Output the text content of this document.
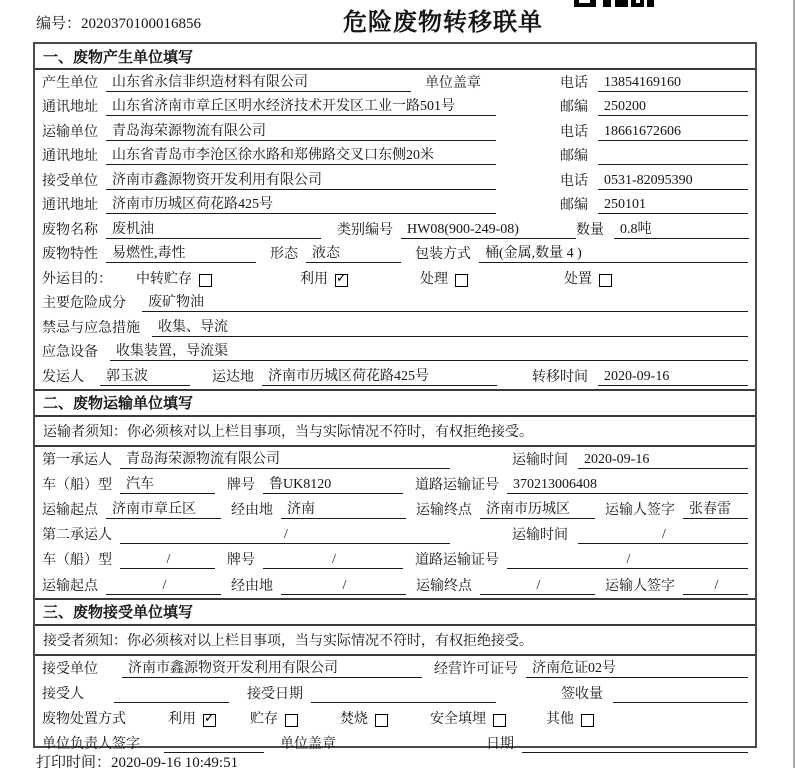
编号：2020370100016856	危险废物转移联单
一、废物产生单位填写
产生单位	山东省永信非织造材料有限公司	单位盖章	电话	13854169160
通讯地址	山东省济南市章丘区明水经济技术开发区工业一路501号	邮编	250200
运输单位	青岛海荣源物流有限公司	电话	18661672606
通讯地址	山东省青岛市李沧区徐水路和郑佛路交叉口东侧20米	邮编
接受单位	济南市鑫源物资开发利用有限公司	电话	0531-82095390
通讯地址	济南市历城区荷花路425号	邮编	250101
废物名称	废机油	类别编号	HW08(900-249-08)	数量	0.8吨
废物特性	易燃性,毒性	形态	液态	包装方式	桶(金属,数量 4 )
外运目的： 中转贮存	利用 ✓	处理	处置
主要危险成分	废矿物油
禁忌与应急措施	收集、导流
应急设备	收集装置，导流渠
发运人	郭玉波	运达地	济南市历城区荷花路425号	转移时间	2020-09-16
二、废物运输单位填写
运输者须知：你必须核对以上栏目事项，当与实际情况不符时，有权拒绝接受。
第一承运人	青岛海荣源物流有限公司	运输时间	2020-09-16
车（船）型	汽车	牌号	鲁UK8120	道路运输证号	370213006408
运输起点	济南市章丘区	经由地	济南	运输终点	济南市历城区	运输人签字	张春雷
第二承运人	/	运输时间	/
车（船）型	/	牌号	/	道路运输证号	/
运输起点	/	经由地	/	运输终点	/	运输人签字	/
三、废物接受单位填写
接受者须知：你必须核对以上栏目事项，当与实际情况不符时，有权拒绝接受。
接受单位	济南市鑫源物资开发利用有限公司	经营许可证号	济南危证02号
接受人	接受日期	签收量
废物处置方式	利用 ✓	贮存	焚烧	安全填埋	其他
单位负责人签字	单位盖章	日期
打印时间：2020-09-16 10:49:51
